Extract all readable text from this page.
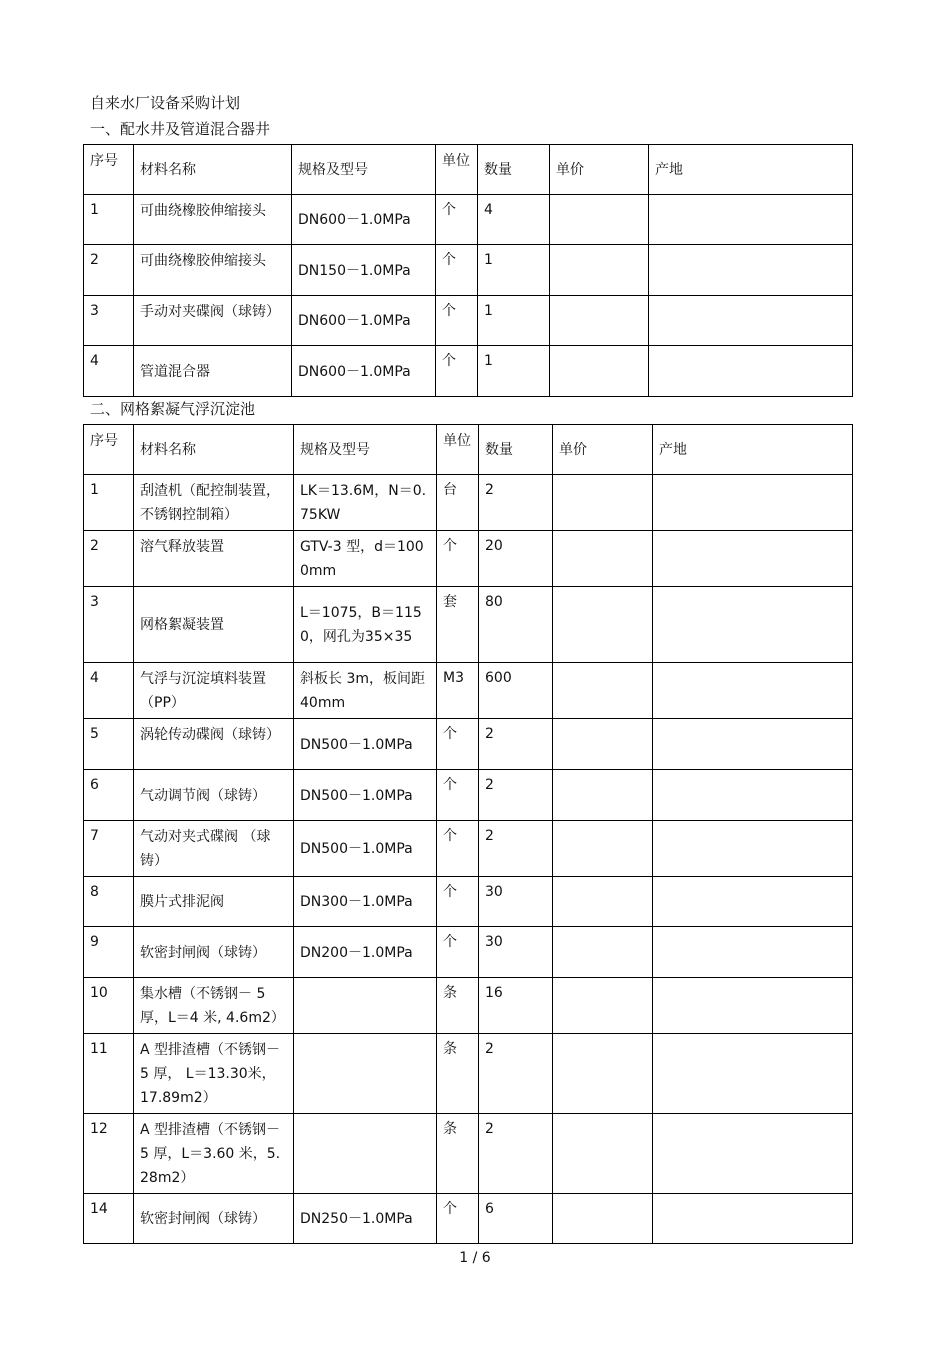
自来水厂设备采购计划
一、配水井及管道混合器井
序号	材料名称	规格及型号	单位	数量	单价	产地
1	可曲绕橡胶伸缩接头	DN600－1.0MPa	个	4		
2	可曲绕橡胶伸缩接头	DN150－1.0MPa	个	1		
3	手动对夹碟阀（球铸）	DN600－1.0MPa	个	1		
4	管道混合器	DN600－1.0MPa	个	1		
二、网格絮凝气浮沉淀池
序号	材料名称	规格及型号	单位	数量	单价	产地
1	刮渣机（配控制装置，不锈钢控制箱）	LK＝13.6M，N＝0.75KW	台	2		
2	溶气释放装置	GTV-3 型，d＝1000mm	个	20		
3	网格絮凝装置	L＝1075，B＝1150，网孔为35×35	套	80		
4	气浮与沉淀填料装置（PP）	斜板长 3m，板间距 40mm	M3	600		
5	涡轮传动碟阀（球铸）	DN500－1.0MPa	个	2		
6	气动调节阀（球铸）	DN500－1.0MPa	个	2		
7	气动对夹式碟阀 （球铸）	DN500－1.0MPa	个	2		
8	膜片式排泥阀	DN300－1.0MPa	个	30		
9	软密封闸阀（球铸）	DN200－1.0MPa	个	30		
10	集水槽（不锈钢－ 5厚，L＝4 米, 4.6m2）		条	16		
11	A 型排渣槽（不锈钢－5 厚， L＝13.30米， 17.89m2）		条	2		
12	A 型排渣槽（不锈钢－5 厚，L＝3.60 米，5.28m2）		条	2		
14	软密封闸阀（球铸）	DN250－1.0MPa	个	6		
1 / 6
